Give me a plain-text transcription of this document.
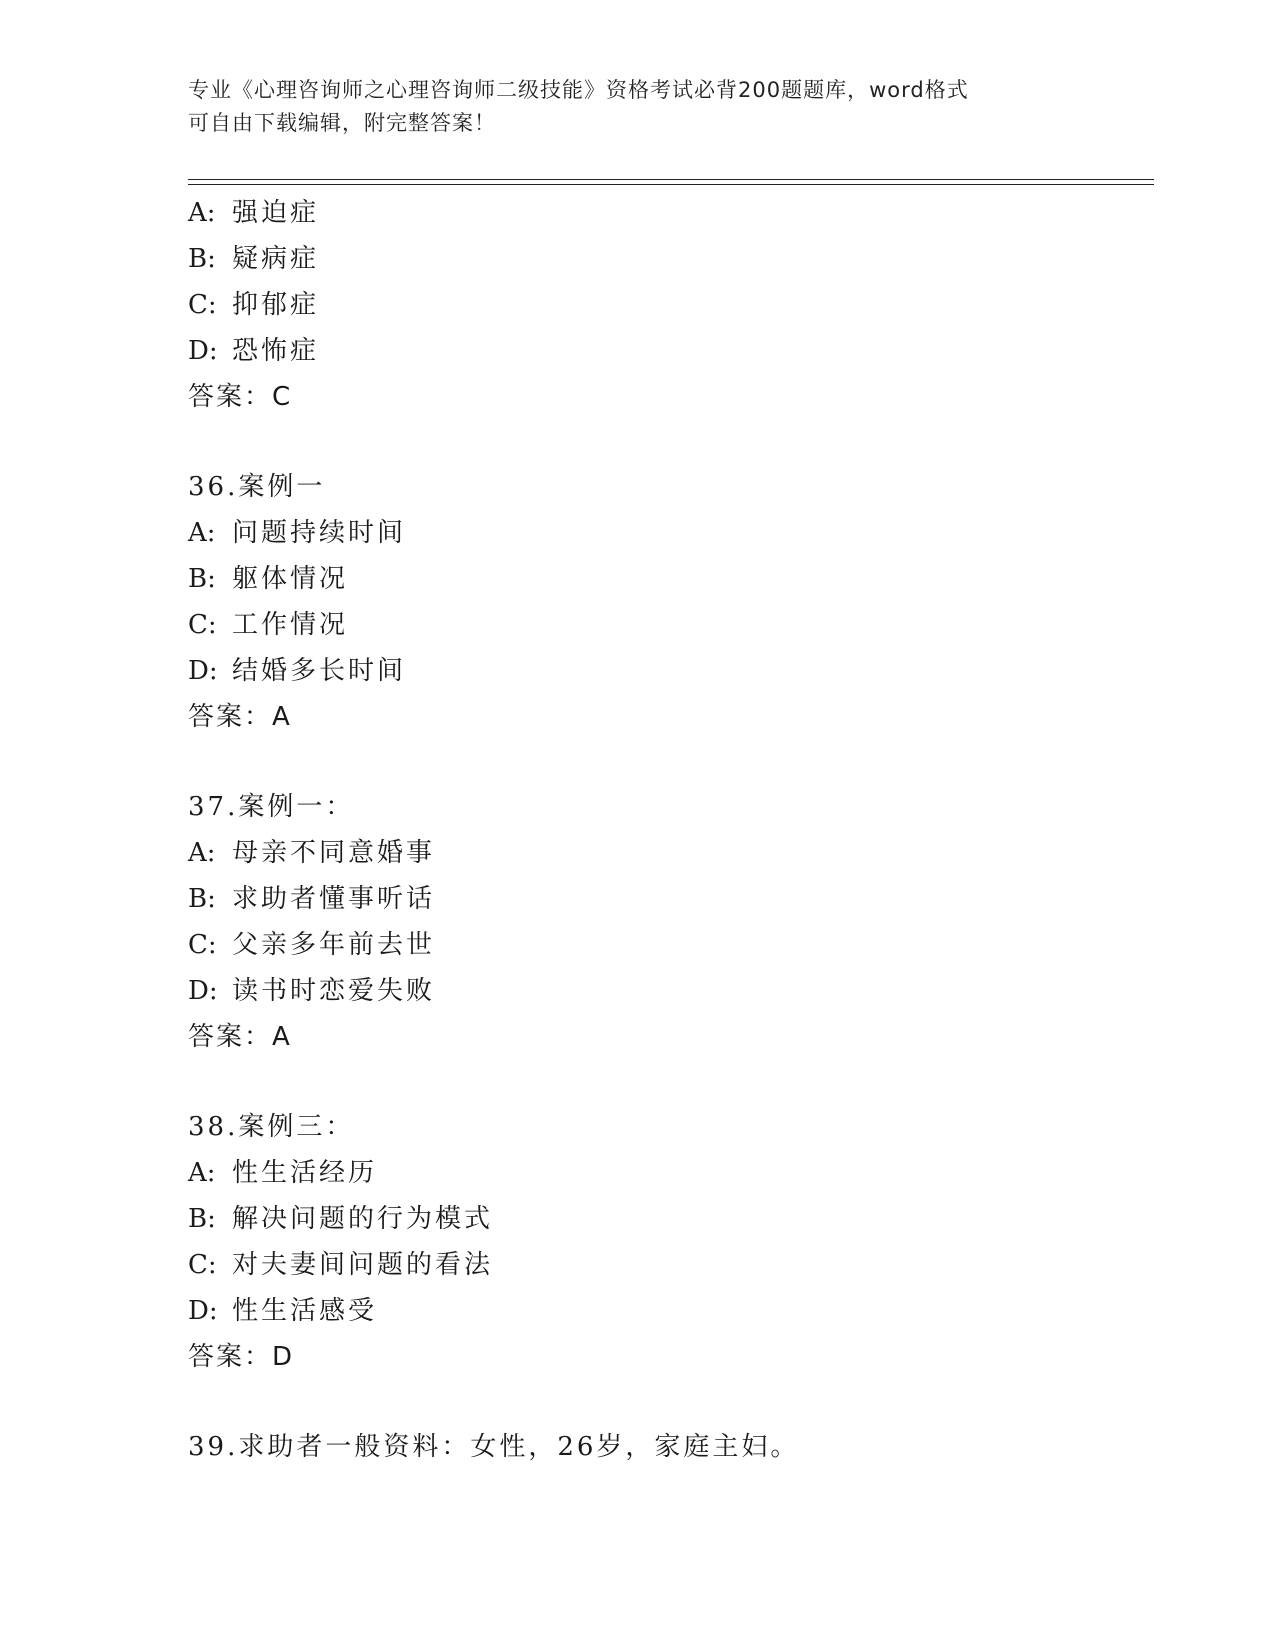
专业《心理咨询师之心理咨询师二级技能》资格考试必背200题题库，word格式
可自由下载编辑，附完整答案！
A: 强迫症
B: 疑病症
C: 抑郁症
D: 恐怖症
答案：C
36.案例一
A: 问题持续时间
B: 躯体情况
C: 工作情况
D: 结婚多长时间
答案：A
37.案例一：
A: 母亲不同意婚事
B: 求助者懂事听话
C: 父亲多年前去世
D: 读书时恋爱失败
答案：A
38.案例三：
A: 性生活经历
B: 解决问题的行为模式
C: 对夫妻间问题的看法
D: 性生活感受
答案：D
39.求助者一般资料：女性，26岁，家庭主妇。
